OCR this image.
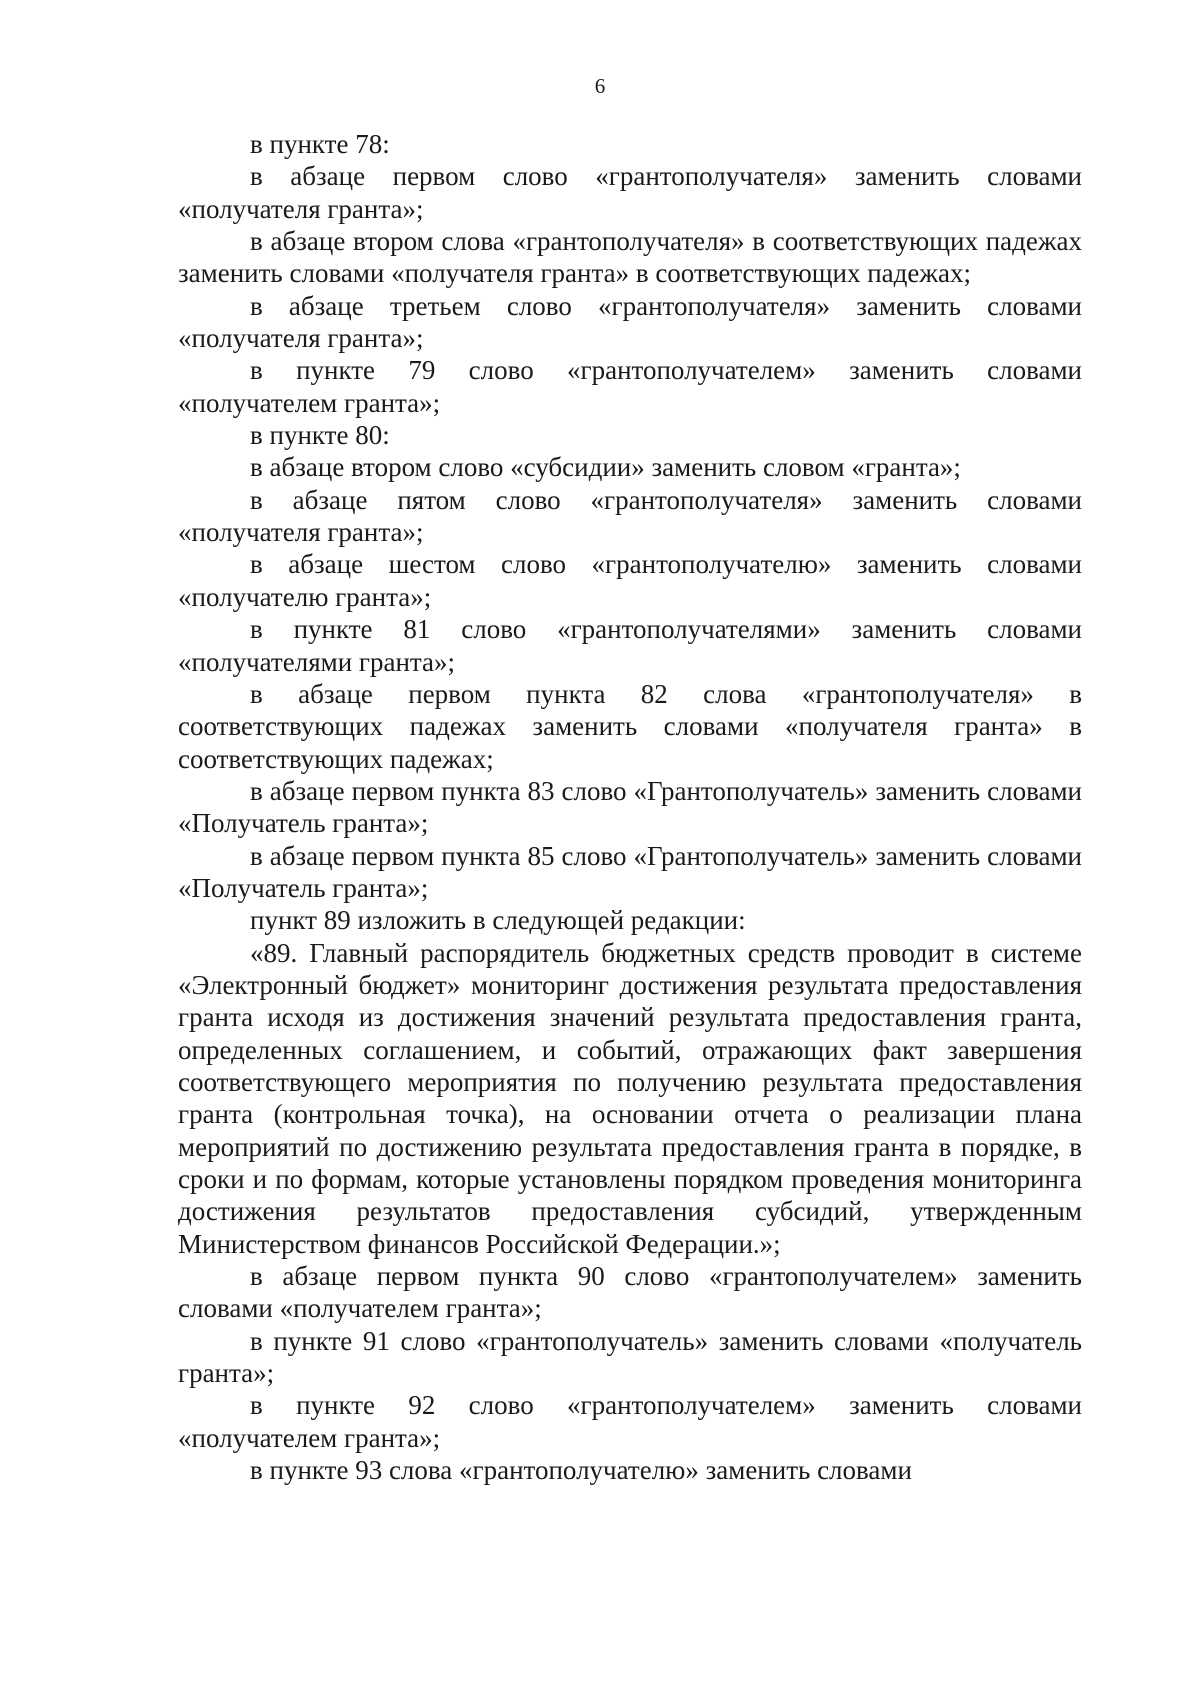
6

в пункте 78:

в абзаце первом слово «грантополучателя» заменить словами «получателя гранта»;

в абзаце втором слова «грантополучателя» в соответствующих падежах заменить словами «получателя гранта» в соответствующих падежах;

в абзаце третьем слово «грантополучателя» заменить словами «получателя гранта»;

в пункте 79 слово «грантополучателем» заменить словами «получателем гранта»;

в пункте 80:

в абзаце втором слово «субсидии» заменить словом «гранта»;

в абзаце пятом слово «грантополучателя» заменить словами «получателя гранта»;

в абзаце шестом слово «грантополучателю» заменить словами «получателю гранта»;

в пункте 81 слово «грантополучателями» заменить словами «получателями гранта»;

в абзаце первом пункта 82 слова «грантополучателя» в соответствующих падежах заменить словами «получателя гранта» в соответствующих падежах;

в абзаце первом пункта 83 слово «Грантополучатель» заменить словами «Получатель гранта»;

в абзаце первом пункта 85 слово «Грантополучатель» заменить словами «Получатель гранта»;

пункт 89 изложить в следующей редакции:

«89. Главный распорядитель бюджетных средств проводит в системе «Электронный бюджет» мониторинг достижения результата предоставления гранта исходя из достижения значений результата предоставления гранта, определенных соглашением, и событий, отражающих факт завершения соответствующего мероприятия по получению результата предоставления гранта (контрольная точка), на основании отчета о реализации плана мероприятий по достижению результата предоставления гранта в порядке, в сроки и по формам, которые установлены порядком проведения мониторинга достижения результатов предоставления субсидий, утвержденным Министерством финансов Российской Федерации.»;

в абзаце первом пункта 90 слово «грантополучателем» заменить словами «получателем гранта»;

в пункте 91 слово «грантополучатель» заменить словами «получатель гранта»;

в пункте 92 слово «грантополучателем» заменить словами «получателем гранта»;

в пункте 93 слова «грантополучателю» заменить словами
